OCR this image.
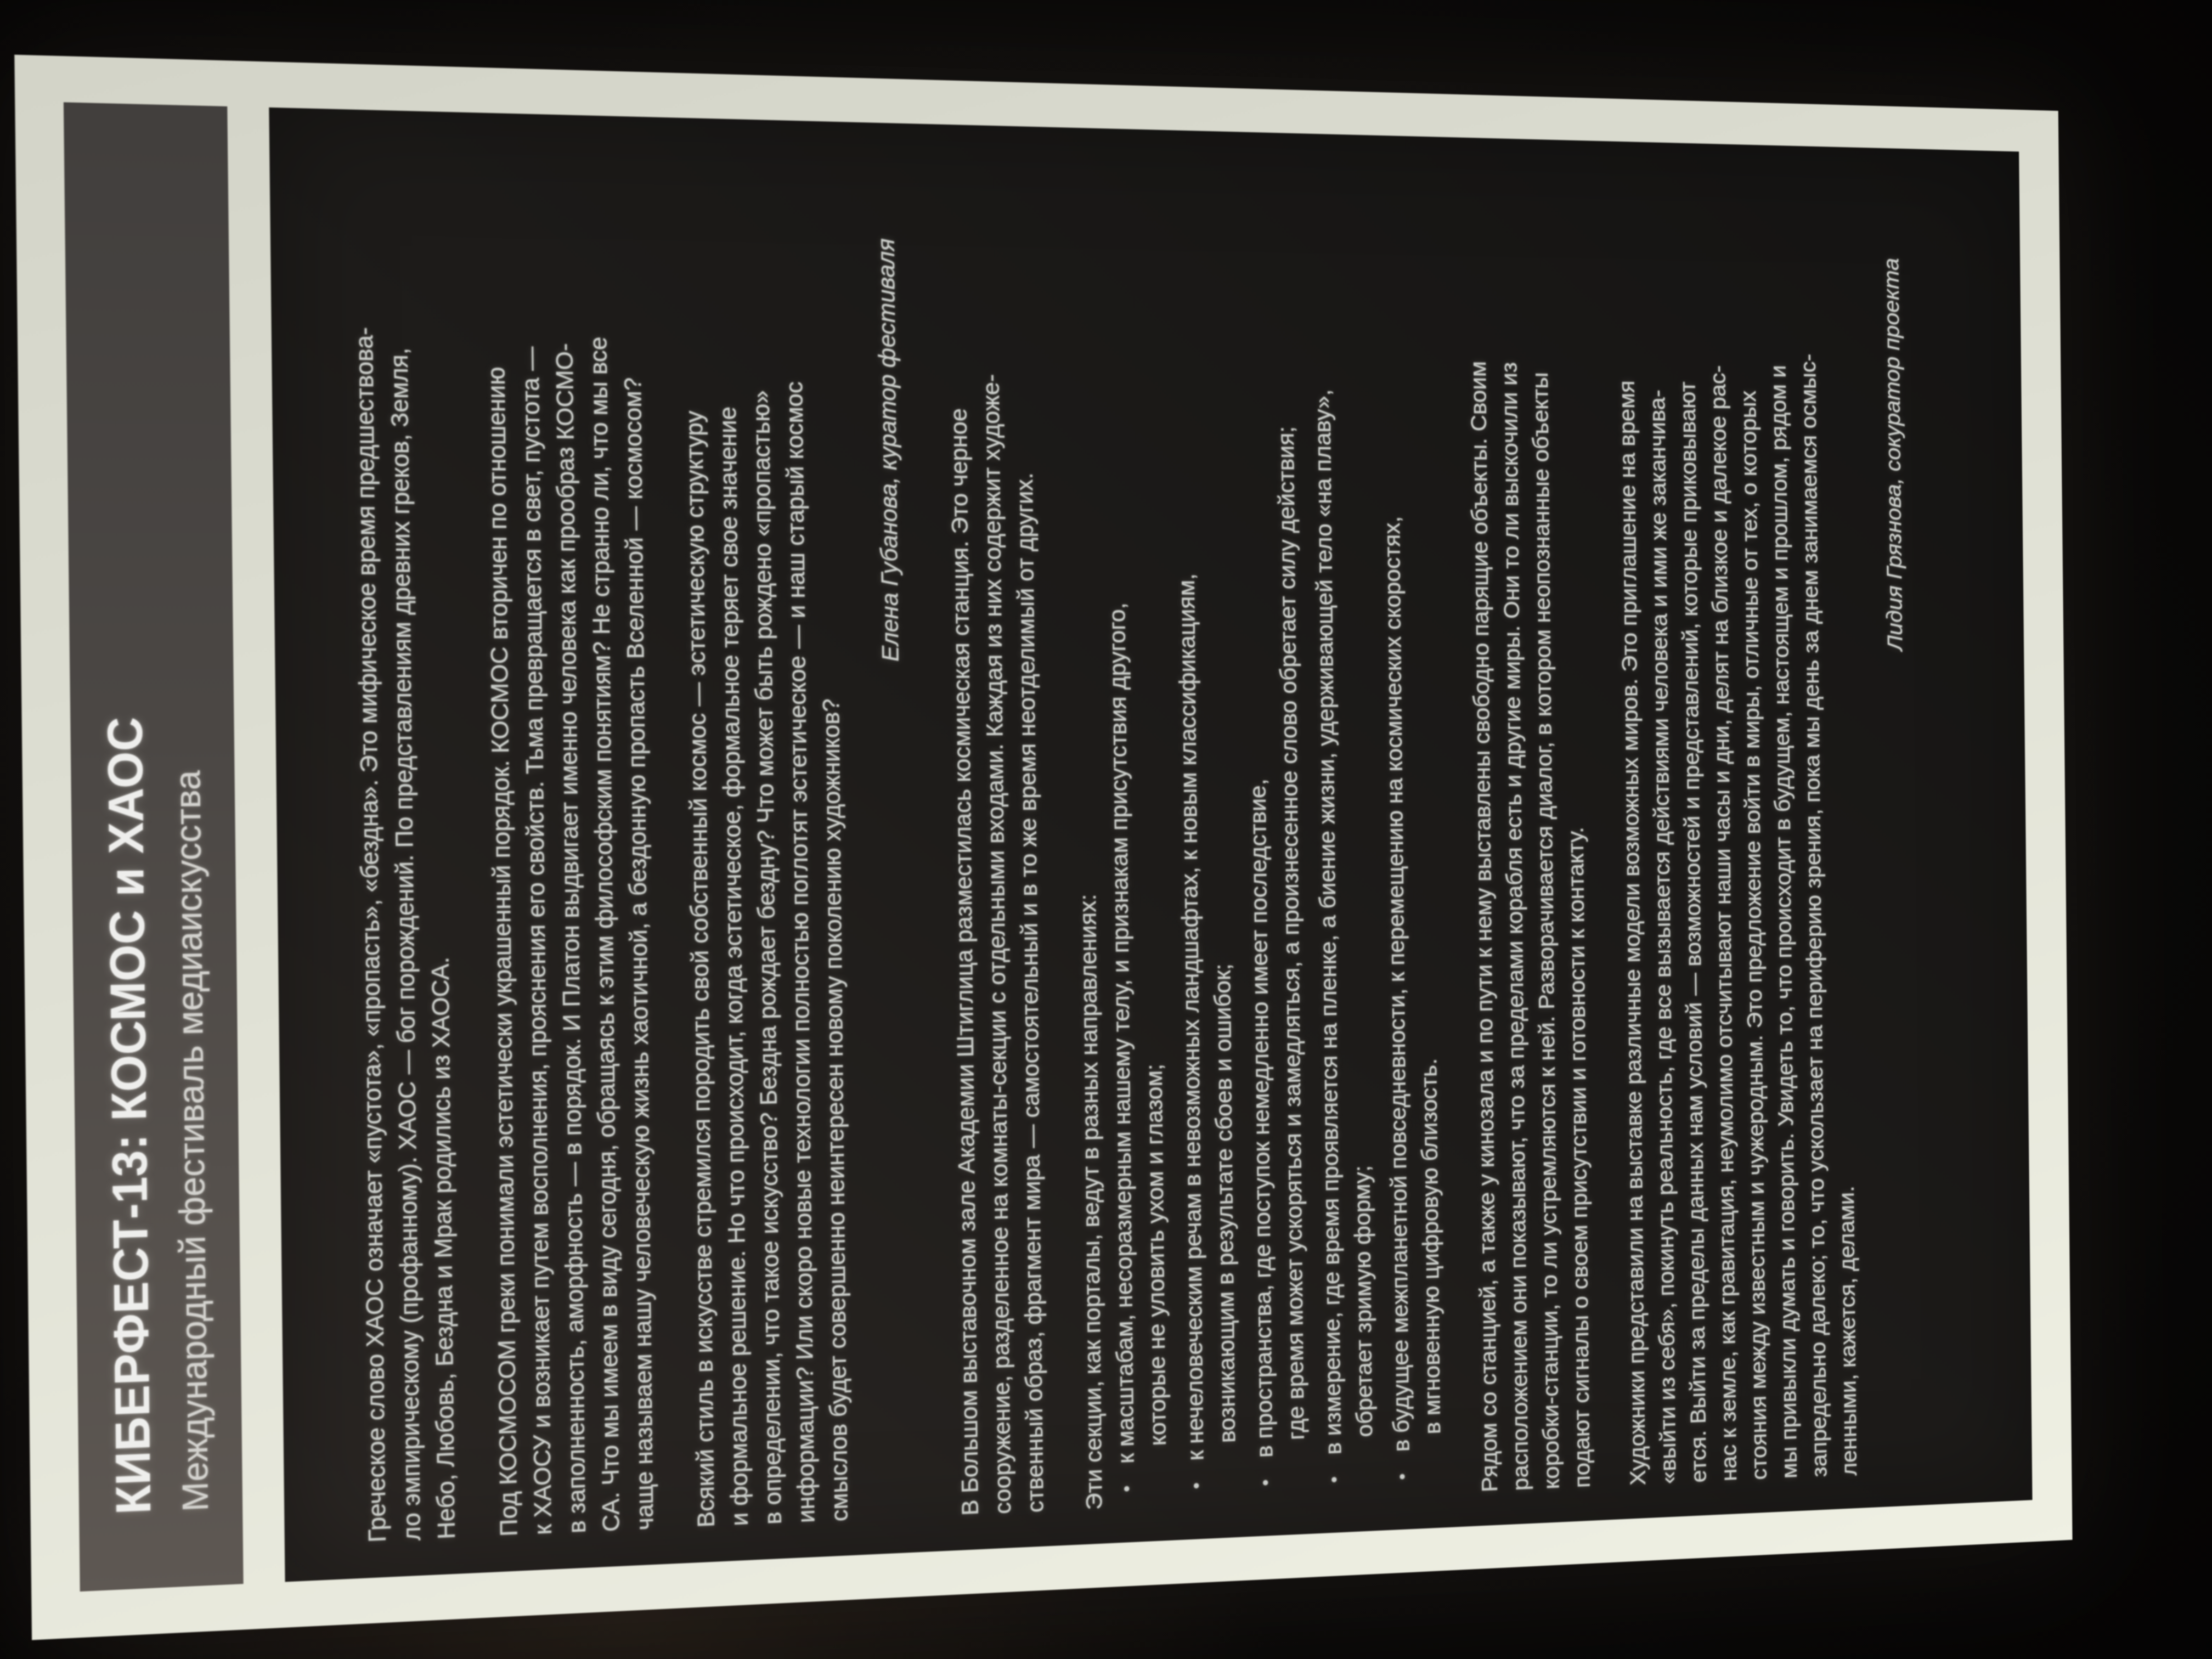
КИБЕРФЕСТ-13: КОСМОС и ХАОС Международный фестиваль медиаискусства	Греческое слово ХАОС означает «пустота», «пропасть», «бездна». Это мифическое время предшествова-
ло эмпирическому (профанному). ХАОС — бог порождений. По представлениям древних греков, Земля, Небо, Любовь, Бездна и Мрак родились из ХАОСА. Под КОСМОСОМ греки понимали эстетически украшенный порядок. КОСМОС вторичен по отношению
к ХАОСУ и возникает путем восполнения, прояснения его свойств. Тьма превращается в свет, пустота —
в заполненность, аморфность — в порядок. И Платон выдвигает именно человека как прообраз КОСМО-
СА. Что мы имеем в виду сегодня, обращаясь к этим философским понятиям? Не странно ли, что мы все
чаще называем нашу человеческую жизнь хаотичной, а бездонную пропасть Вселенной — космосом? Всякий стиль в искусстве стремился породить свой собственный космос — эстетическую структуру
и формальное решение. Но что происходит, когда эстетическое, формальное теряет свое значение
в определении, что такое искусство? Бездна рождает бездну? Что может быть рождено «пропастью»
информации? Или скоро новые технологии полностью поглотят эстетическое — и наш старый космос
смыслов будет совершенно неинтересен новому поколению художников?
Елена Губанова, куратор фестиваля	В Большом выставочном зале Академии Штиглица разместилась космическая станция. Это черное
сооружение, разделенное на комнаты-секции с отдельными входами. Каждая из них содержит художе-
ственный образ, фрагмент мира — самостоятельный и в то же время неотделимый от других.	Эти секции, как порталы, ведут в разных направлениях: •к масштабам, несоразмерным нашему телу, и признакам присутствия другого, которые не уловить ухом и глазом;
•к нечеловеческим речам в невозможных ландшафтах, к новым классификациям, возникающим в результате сбоев и ошибок;
•в пространства, где поступок немедленно имеет последствие,
где время может ускоряться и замедляться, а произнесенное слово обретает силу действия;
•в измерение, где время проявляется на пленке, а биение жизни, удерживающей тело «на плаву», обретает зримую форму;
•в будущее межпланетной повседневности, к перемещению на космических скоростях, в мгновенную цифровую близость. Рядом со станцией, а также у кинозала и по пути к нему выставлены свободно парящие объекты. Своим
расположением они показывают, что за пределами корабля есть и другие миры. Они то ли выскочили из
коробки-станции, то ли устремляются к ней. Разворачивается диалог, в котором неопознанные объекты
подают сигналы о своем присутствии и готовности к контакту. Художники представили на выставке различные модели возможных миров. Это приглашение на время
«выйти из себя», покинуть реальность, где все вызывается действиями человека и ими же заканчива-
ется. Выйти за пределы данных нам условий — возможностей и представлений, которые приковывают
нас к земле, как гравитация, неумолимо отсчитывают наши часы и дни, делят на близкое и далекое рас-
стояния между известным и чужеродным. Это предложение войти в миры, отличные от тех, о которых
мы привыкли думать и говорить. Увидеть то, что происходит в будущем, настоящем и прошлом, рядом и
запредельно далеко; то, что ускользает на периферию зрения, пока мы день за днем занимаемся осмыс- ленными, кажется, делами.
Лидия Грязнова, сокуратор проекта
